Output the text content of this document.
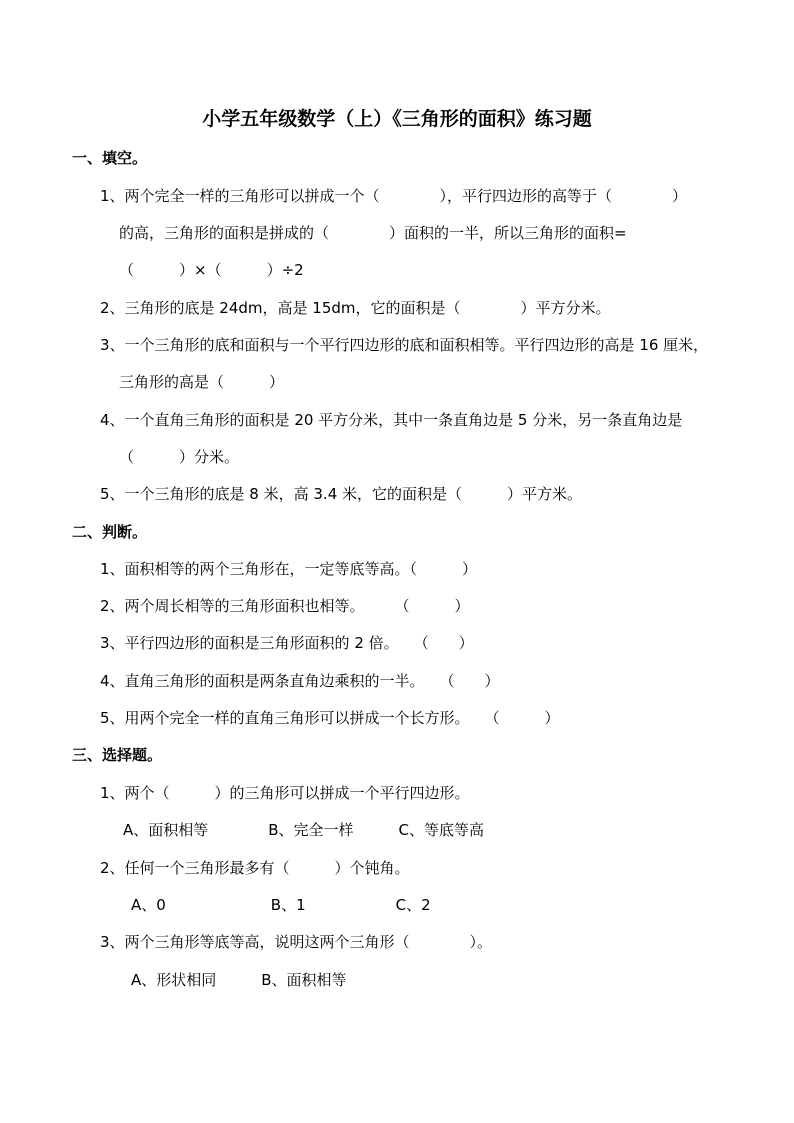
小学五年级数学（上）《三角形的面积》练习题
一、填空。
1、两个完全一样的三角形可以拼成一个（　　　　），平行四边形的高等于（　　　　）
的高，三角形的面积是拼成的（　　　　）面积的一半，所以三角形的面积=
（　　　）×（　　　）÷2
2、三角形的底是 24dm，高是 15dm，它的面积是（　　　　）平方分米。
3、一个三角形的底和面积与一个平行四边形的底和面积相等。平行四边形的高是 16 厘米，
三角形的高是（　　　）
4、一个直角三角形的面积是 20 平方分米，其中一条直角边是 5 分米，另一条直角边是
（　　　）分米。
5、一个三角形的底是 8 米，高 3.4 米，它的面积是（　　　）平方米。
二、判断。
1、面积相等的两个三角形在，一定等底等高。（　　　）
2、两个周长相等的三角形面积也相等。　　　（　　　）
3、平行四边形的面积是三角形面积的 2 倍。　　（　　）
4、直角三角形的面积是两条直角边乘积的一半。　　（　　）
5、用两个完全一样的直角三角形可以拼成一个长方形。　　（　　　）
三、选择题。
1、两个（　　　）的三角形可以拼成一个平行四边形。
A、面积相等　　　　B、完全一样　　　C、等底等高
2、任何一个三角形最多有（　　　）个钝角。
A、0　　　　　　　B、1　　　　　　C、2
3、两个三角形等底等高，说明这两个三角形（　　　　）。
A、形状相同　　　B、面积相等
